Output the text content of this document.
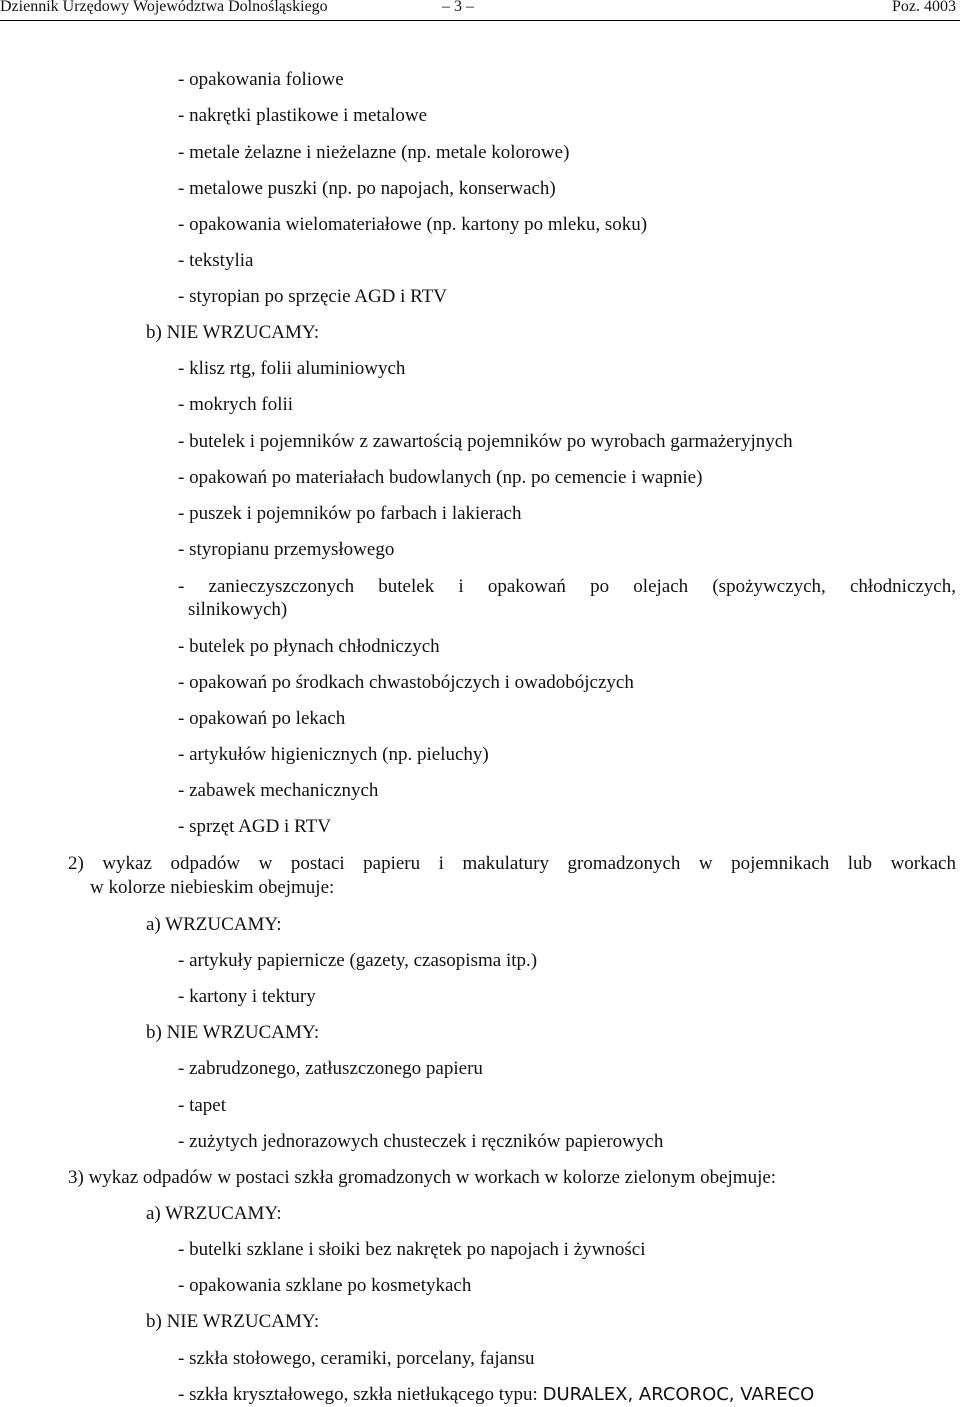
Dziennik Urzędowy Województwa Dolnośląskiego	– 3 –	Poz. 4003
- opakowania foliowe
- nakrętki plastikowe i metalowe
- metale żelazne i nieżelazne (np. metale kolorowe)
- metalowe puszki (np. po napojach, konserwach)
- opakowania wielomateriałowe (np. kartony po mleku, soku)
- tekstylia
- styropian po sprzęcie AGD i RTV
b) NIE WRZUCAMY:
- klisz rtg, folii aluminiowych
- mokrych folii
- butelek i pojemników z zawartością pojemników po wyrobach garmażeryjnych
- opakowań po materiałach budowlanych (np. po cemencie i wapnie)
- puszek i pojemników po farbach i lakierach
- styropianu przemysłowego
- zanieczyszczonych butelek i opakowań po olejach (spożywczych, chłodniczych,
silnikowych)
- butelek po płynach chłodniczych
- opakowań po środkach chwastobójczych i owadobójczych
- opakowań po lekach
- artykułów higienicznych (np. pieluchy)
- zabawek mechanicznych
- sprzęt AGD i RTV
2) wykaz odpadów w postaci papieru i makulatury gromadzonych w pojemnikach lub workach
w kolorze niebieskim obejmuje:
a) WRZUCAMY:
- artykuły papiernicze (gazety, czasopisma itp.)
- kartony i tektury
b) NIE WRZUCAMY:
- zabrudzonego, zatłuszczonego papieru
- tapet
- zużytych jednorazowych chusteczek i ręczników papierowych
3) wykaz odpadów w postaci szkła gromadzonych w workach w kolorze zielonym obejmuje:
a) WRZUCAMY:
- butelki szklane i słoiki bez nakrętek po napojach i żywności
- opakowania szklane po kosmetykach
b) NIE WRZUCAMY:
- szkła stołowego, ceramiki, porcelany, fajansu
- szkła kryształowego, szkła nietłukącego typu: DURALEX, ARCOROC, VARECO
